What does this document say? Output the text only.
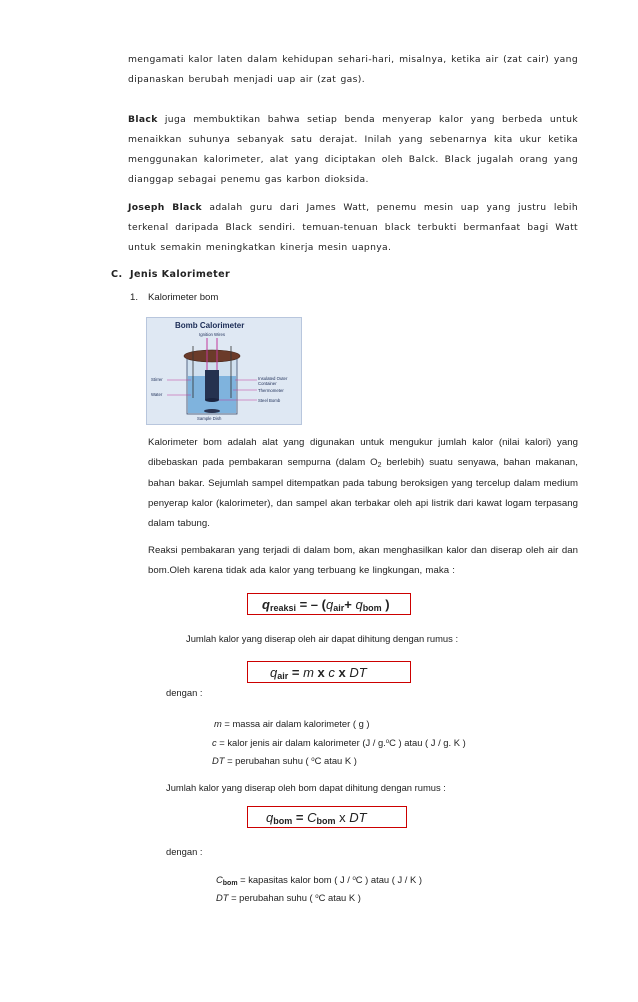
mengamati kalor laten dalam kehidupan sehari-hari, misalnya, ketika air (zat cair) yang dipanaskan berubah menjadi uap air (zat gas).
Black juga membuktikan bahwa setiap benda menyerap kalor yang berbeda untuk menaikkan suhunya sebanyak satu derajat. Inilah yang sebenarnya kita ukur ketika menggunakan kalorimeter, alat yang diciptakan oleh Balck. Black jugalah orang yang dianggap sebagai penemu gas karbon dioksida.
Joseph Black adalah guru dari James Watt, penemu mesin uap yang justru lebih terkenal daripada Black sendiri. temuan-tenuan black terbukti bermanfaat bagi Watt untuk semakin meningkatkan kinerja mesin uapnya.
C. Jenis Kalorimeter
1. Kalorimeter bom
Bomb Calorimeter
Ignition Wires
Stirrer
Water
Insulated Outer Container
Thermometer
Steel Bomb
Sample Dish
Kalorimeter bom adalah alat yang digunakan untuk mengukur jumlah kalor (nilai kalori) yang dibebaskan pada pembakaran sempurna (dalam $O_2$ berlebih) suatu senyawa, bahan makanan, bahan bakar. Sejumlah sampel ditempatkan pada tabung beroksigen yang tercelup dalam medium penyerap kalor (kalorimeter), dan sampel akan terbakar oleh api listrik dari kawat logam terpasang dalam tabung.
Reaksi pembakaran yang terjadi di dalam bom, akan menghasilkan kalor dan diserap oleh air dan bom.Oleh karena tidak ada kalor yang terbuang ke lingkungan, maka :
qreaksi = – (qair+ qbom )
Jumlah kalor yang diserap oleh air dapat dihitung dengan rumus :
qair = m x c x DT
dengan :
m = massa air dalam kalorimeter ( g )
c = kalor jenis air dalam kalorimeter (J / g.$^o$C ) atau ( J / g. K )
DT = perubahan suhu ( $^o$C atau K )
Jumlah kalor yang diserap oleh bom dapat dihitung dengan rumus :
qbom = Cbom x DT
dengan :
$C_{bom}$ = kapasitas kalor bom ( J / $^o$C ) atau ( J / K )
DT = perubahan suhu ( $^o$C atau K )
